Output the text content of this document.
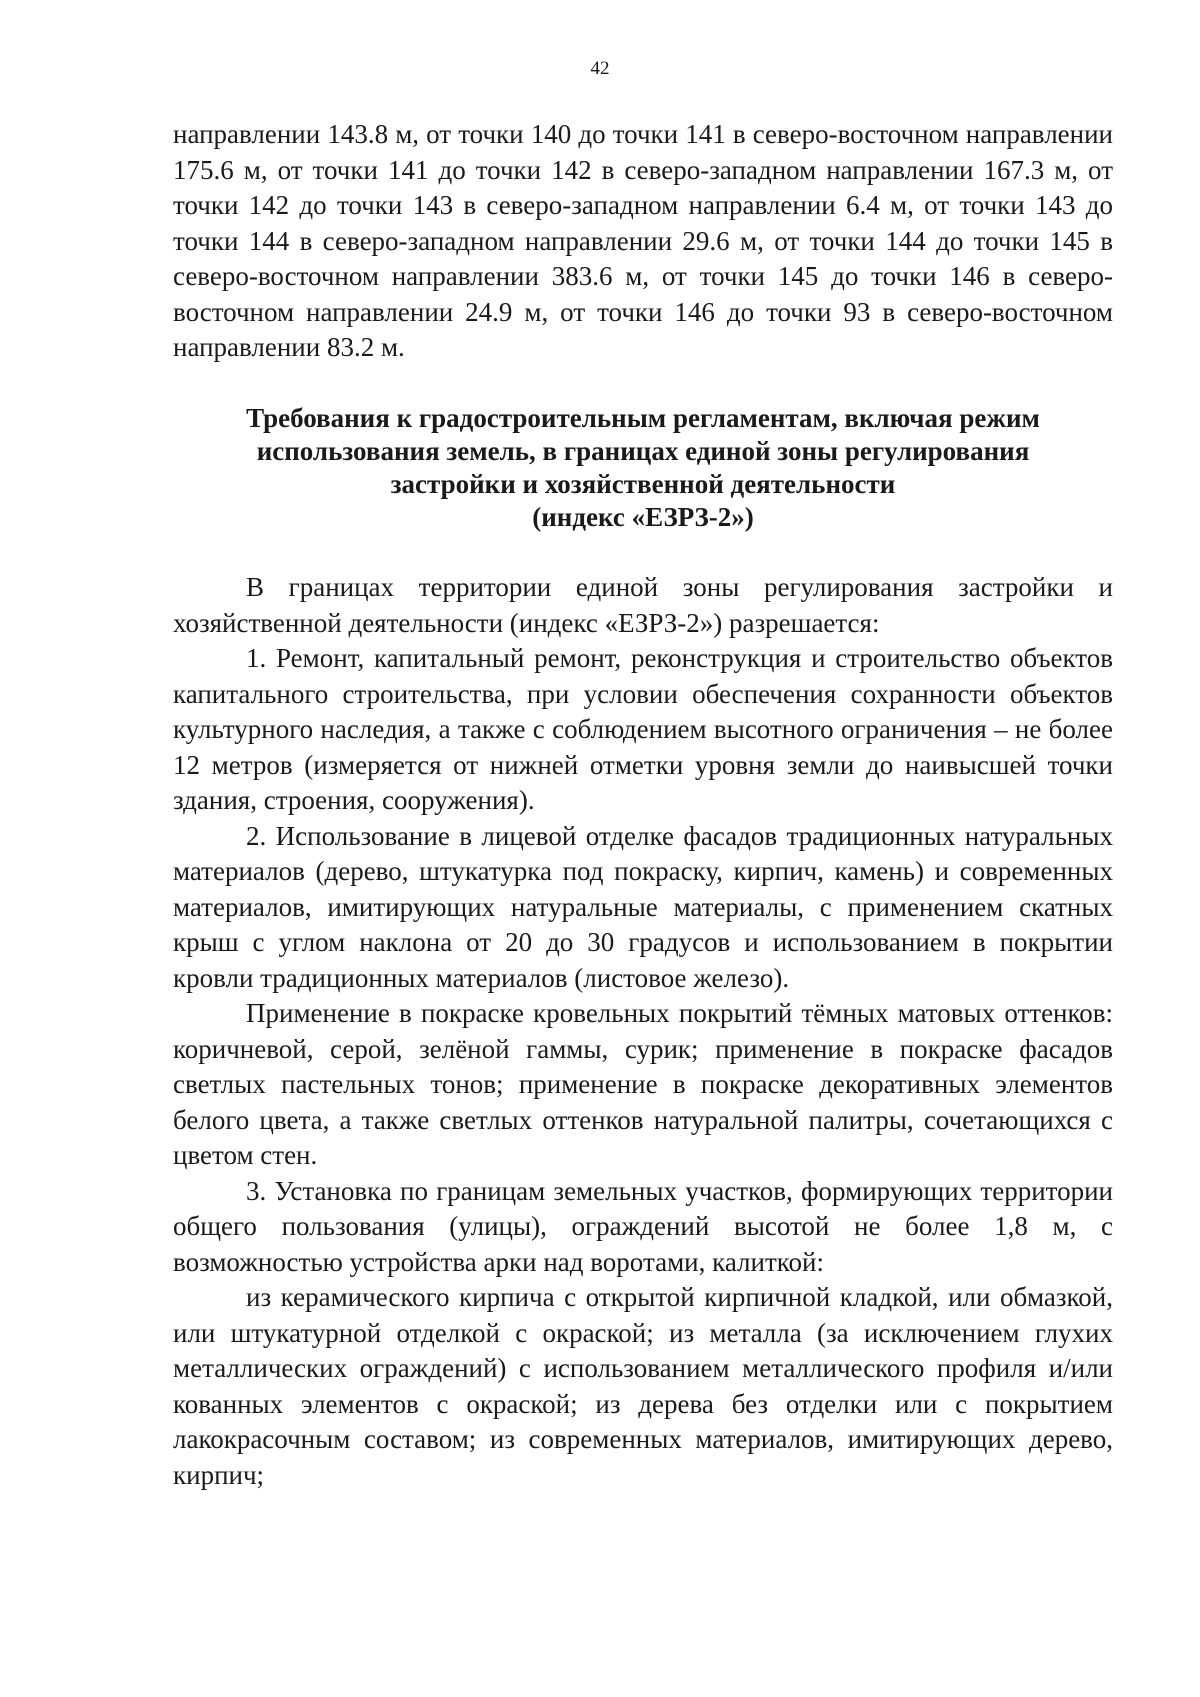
42

направлении 143.8 м, от точки 140 до точки 141 в северо-восточном направлении 175.6 м, от точки 141 до точки 142 в северо-западном направлении 167.3 м, от точки 142 до точки 143 в северо-западном направлении 6.4 м, от точки 143 до точки 144 в северо-западном направлении 29.6 м, от точки 144 до точки 145 в северо-восточном направлении 383.6 м, от точки 145 до точки 146 в северо-восточном направлении 24.9 м, от точки 146 до точки 93 в северо-восточном направлении 83.2 м.

Требования к градостроительным регламентам, включая режим
использования земель, в границах единой зоны регулирования
застройки и хозяйственной деятельности
(индекс «ЕЗРЗ-2»)

В границах территории единой зоны регулирования застройки и хозяйственной деятельности (индекс «ЕЗРЗ-2») разрешается:

1. Ремонт, капитальный ремонт, реконструкция и строительство объектов капитального строительства, при условии обеспечения сохранности объектов культурного наследия, а также с соблюдением высотного ограничения – не более 12 метров (измеряется от нижней отметки уровня земли до наивысшей точки здания, строения, сооружения).

2. Использование в лицевой отделке фасадов традиционных натуральных материалов (дерево, штукатурка под покраску, кирпич, камень) и современных материалов, имитирующих натуральные материалы, с применением скатных крыш с углом наклона от 20 до 30 градусов и использованием в покрытии кровли традиционных материалов (листовое железо).

Применение в покраске кровельных покрытий тёмных матовых оттенков: коричневой, серой, зелёной гаммы, сурик; применение в покраске фасадов светлых пастельных тонов; применение в покраске декоративных элементов белого цвета, а также светлых оттенков натуральной палитры, сочетающихся с цветом стен.

3. Установка по границам земельных участков, формирующих территории общего пользования (улицы), ограждений высотой не более 1,8 м, с возможностью устройства арки над воротами, калиткой:

из керамического кирпича с открытой кирпичной кладкой, или обмазкой, или штукатурной отделкой с окраской; из металла (за исключением глухих металлических ограждений) с использованием металлического профиля и/или кованных элементов с окраской; из дерева без отделки или с покрытием лакокрасочным составом; из современных материалов, имитирующих дерево, кирпич;
